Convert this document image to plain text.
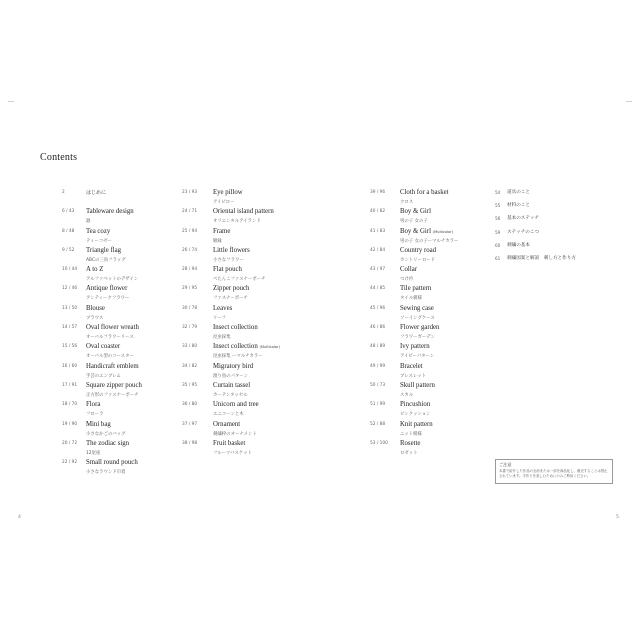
Contents
2	はじめに
6 / 43 Tableware design
器
8 / 48 Tea cozy
ティーコゼー
9 / 52 Triangle flag
ABCの三角フラッグ
10 / 44 A to Z
アルファベットのデザイン
12 / 46 Antique flower
アンティークフラワー
13 / 50 Blouse
ブラウス
14 / 57 Oval flower wreath
オーバルフラワーリース
15 / 56 Oval coaster
オーバル型のコースター
16 / 60 Handicraft emblem
手芸のエンブレム
17 / 91 Square zipper pouch
正方形のファスナーポーチ
18 / 70 Flora
フローラ
19 / 90 Mini bag
小さなかごのバッグ
20 / 72 The zodiac sign
12星座
22 / 92 Small round pouch
小さなラウンド巾着
23 / 93 Eye pillow
アイピロー
24 / 71 Oriental island pattern
オリエンタルアイランド
25 / 94 Frame
額縁
26 / 74 Little flowers
小さなフラワー
28 / 94 Flat pouch
ぺたんこファスナーポーチ
29 / 95 Zipper pouch
ファスナーポーチ
30 / 78 Leaves
リーフ
32 / 79 Insect collection
昆虫採集
33 / 80 Insect collection (Multicolor)
昆虫採集 ーマルチカラー
34 / 82 Migratory bird
渡り鳥のパターン
35 / 95 Curtain tassel
カーテンタッセル
36 / 80 Unicorn and tree
ユニコーンと木
37 / 97 Ornament
刺繍枠のオーナメント
38 / 98 Fruit basket
フルーツバスケット
39 / 96 Cloth for a basket
クロス
40 / 82 Boy & Girl
男の子 女の子
41 / 83 Boy & Girl (Multicolor)
男の子 女の子ーマルチカラー
42 / 84 Country road
カントリーロード
43 / 97 Collar
つけ衿
44 / 85 Tile pattern
タイル模様
45 / 96 Sewing case
ソーイングケース
46 / 86 Flower garden
フラワーガーデン
48 / 89 Ivy pattern
アイビーパターン
49 / 99 Bracelet
ブレスレット
50 / 73 Skull pattern
スカル
51 / 99 Pincushion
ピンクッション
52 / 88 Knit pattern
ニット模様
53 / 100 Rosette
ロゼット
54 道具のこと
55 材料のこと
56 基本のステッチ
59 ステッチのこつ
60 刺繍の基本
61 刺繍図案と解説　刺し方と作り方
ご注意
本書で紹介した作品の全部または一部を商品化し、販売することは禁止されています。手作りを楽しむためにのみご利用ください。
4	5
